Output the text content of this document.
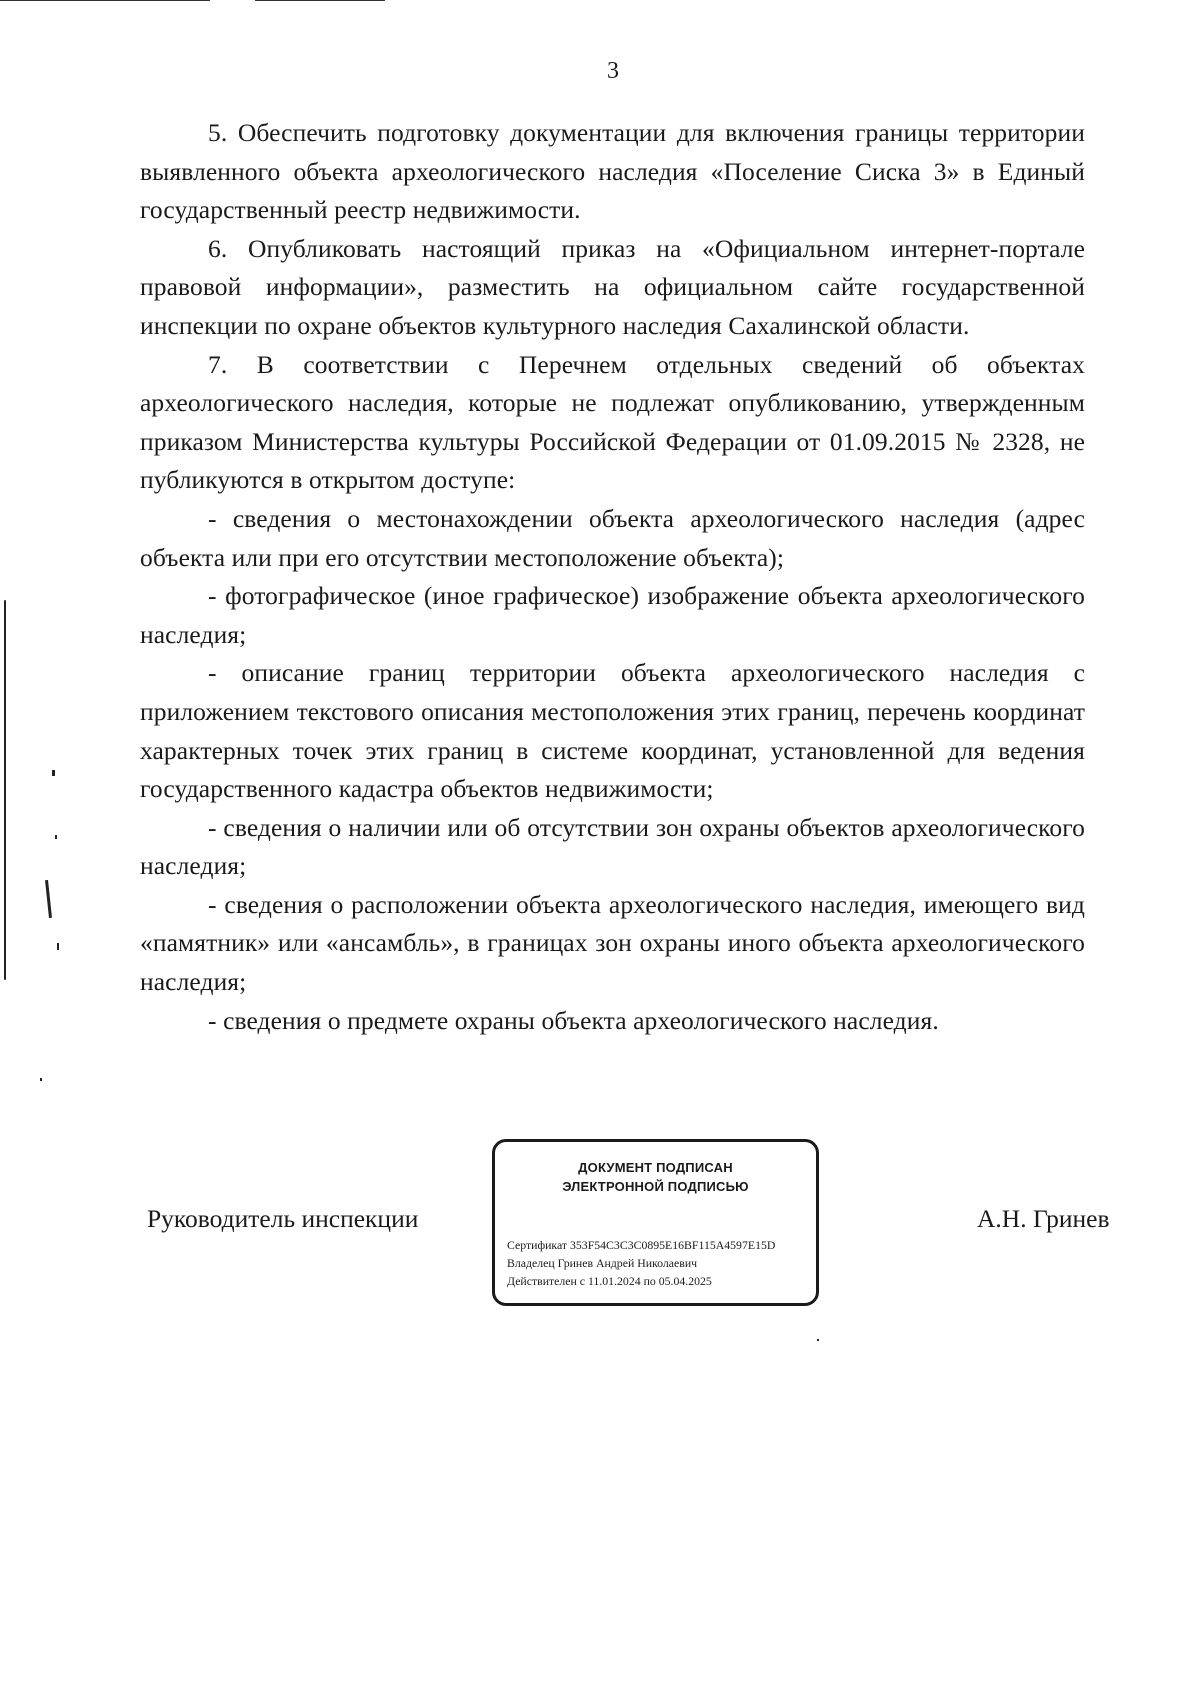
3

5. Обеспечить подготовку документации для включения границы территории выявленного объекта археологического наследия «Поселение Сиска 3» в Единый государственный реестр недвижимости.

6. Опубликовать настоящий приказ на «Официальном интернет-портале правовой информации», разместить на официальном сайте государственной инспекции по охране объектов культурного наследия Сахалинской области.

7. В соответствии с Перечнем отдельных сведений об объектах археологического наследия, которые не подлежат опубликованию, утвержденным приказом Министерства культуры Российской Федерации от 01.09.2015 № 2328, не публикуются в открытом доступе:

- сведения о местонахождении объекта археологического наследия (адрес объекта или при его отсутствии местоположение объекта);

- фотографическое (иное графическое) изображение объекта археологического наследия;

- описание границ территории объекта археологического наследия с приложением текстового описания местоположения этих границ, перечень координат характерных точек этих границ в системе координат, установленной для ведения государственного кадастра объектов недвижимости;

- сведения о наличии или об отсутствии зон охраны объектов археологического наследия;

- сведения о расположении объекта археологического наследия, имеющего вид «памятник» или «ансамбль», в границах зон охраны иного объекта археологического наследия;

- сведения о предмете охраны объекта археологического наследия.

Руководитель инспекции
ДОКУМЕНТ ПОДПИСАН
ЭЛЕКТРОННОЙ ПОДПИСЬЮ
Сертификат 353F54C3C3C0895E16BF115A4597E15D
Владелец Гринев Андрей Николаевич
Действителен с 11.01.2024 по 05.04.2025
А.Н. Гринев
